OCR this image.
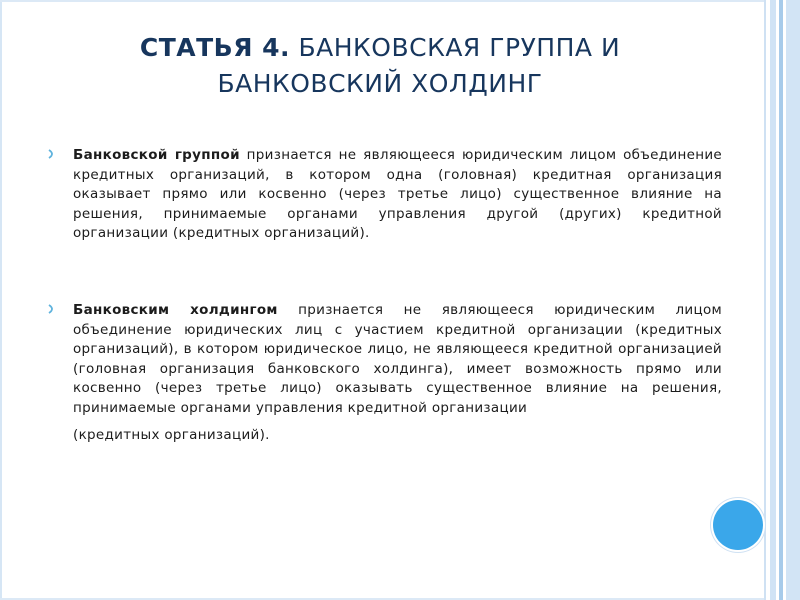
СТАТЬЯ 4. БАНКОВСКАЯ ГРУППА И БАНКОВСКИЙ ХОЛДИНГ
Банковской группой признается не являющееся юридическим лицом объединение кредитных организаций, в котором одна (головная) кредитная организация оказывает прямо или косвенно (через третье лицо) существенное влияние на решения, принимаемые органами управления другой (других) кредитной организации (кредитных организаций).
Банковским холдингом признается не являющееся юридическим лицом объединение юридических лиц с участием кредитной организации (кредитных организаций), в котором юридическое лицо, не являющееся кредитной организацией (головная организация банковского холдинга), имеет возможность прямо или косвенно (через третье лицо) оказывать существенное влияние на решения, принимаемые органами управления кредитной организации
(кредитных организаций).
